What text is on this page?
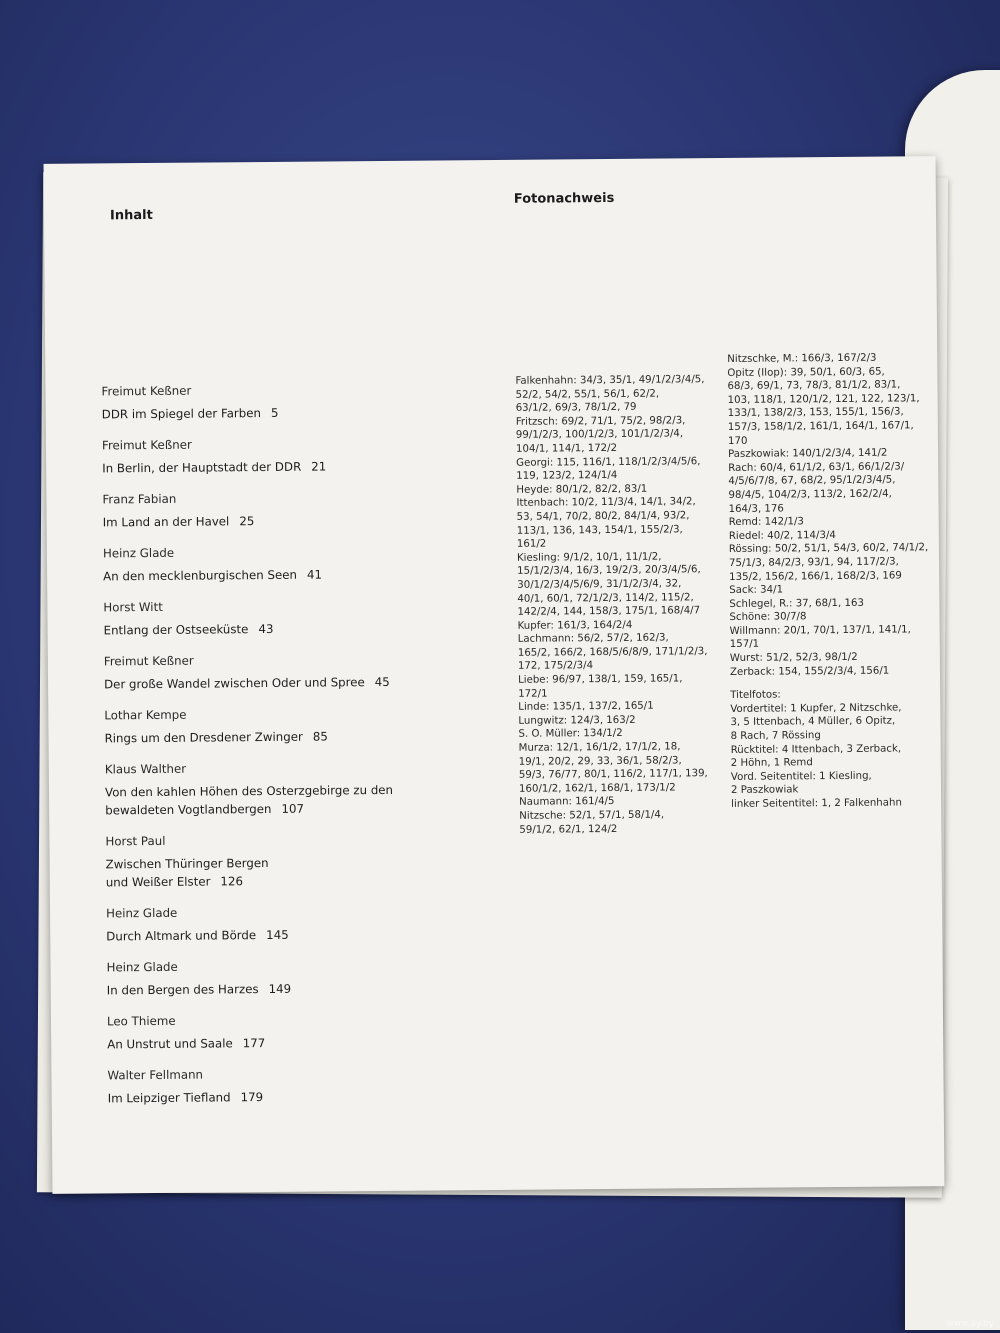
Inhalt
Fotonachweis
Freimut Keßner
DDR im Spiegel der Farben 5
Freimut Keßner
In Berlin, der Hauptstadt der DDR 21
Franz Fabian
Im Land an der Havel 25
Heinz Glade
An den mecklenburgischen Seen 41
Horst Witt
Entlang der Ostseeküste 43
Freimut Keßner
Der große Wandel zwischen Oder und Spree 45
Lothar Kempe
Rings um den Dresdener Zwinger 85
Klaus Walther
Von den kahlen Höhen des Osterzgebirge zu den
bewaldeten Vogtlandbergen 107
Horst Paul
Zwischen Thüringer Bergen
und Weißer Elster 126
Heinz Glade
Durch Altmark und Börde 145
Heinz Glade
In den Bergen des Harzes 149
Leo Thieme
An Unstrut und Saale 177
Walter Fellmann
Im Leipziger Tiefland 179
Falkenhahn: 34/3, 35/1, 49/1/2/3/4/5,
52/2, 54/2, 55/1, 56/1, 62/2,
63/1/2, 69/3, 78/1/2, 79
Fritzsch: 69/2, 71/1, 75/2, 98/2/3,
99/1/2/3, 100/1/2/3, 101/1/2/3/4,
104/1, 114/1, 172/2
Georgi: 115, 116/1, 118/1/2/3/4/5/6,
119, 123/2, 124/1/4
Heyde: 80/1/2, 82/2, 83/1
Ittenbach: 10/2, 11/3/4, 14/1, 34/2,
53, 54/1, 70/2, 80/2, 84/1/4, 93/2,
113/1, 136, 143, 154/1, 155/2/3,
161/2
Kiesling: 9/1/2, 10/1, 11/1/2,
15/1/2/3/4, 16/3, 19/2/3, 20/3/4/5/6,
30/1/2/3/4/5/6/9, 31/1/2/3/4, 32,
40/1, 60/1, 72/1/2/3, 114/2, 115/2,
142/2/4, 144, 158/3, 175/1, 168/4/7
Kupfer: 161/3, 164/2/4
Lachmann: 56/2, 57/2, 162/3,
165/2, 166/2, 168/5/6/8/9, 171/1/2/3,
172, 175/2/3/4
Liebe: 96/97, 138/1, 159, 165/1,
172/1
Linde: 135/1, 137/2, 165/1
Lungwitz: 124/3, 163/2
S. O. Müller: 134/1/2
Murza: 12/1, 16/1/2, 17/1/2, 18,
19/1, 20/2, 29, 33, 36/1, 58/2/3,
59/3, 76/77, 80/1, 116/2, 117/1, 139,
160/1/2, 162/1, 168/1, 173/1/2
Naumann: 161/4/5
Nitzsche: 52/1, 57/1, 58/1/4,
59/1/2, 62/1, 124/2
Nitzschke, M.: 166/3, 167/2/3
Opitz (Ilop): 39, 50/1, 60/3, 65,
68/3, 69/1, 73, 78/3, 81/1/2, 83/1,
103, 118/1, 120/1/2, 121, 122, 123/1,
133/1, 138/2/3, 153, 155/1, 156/3,
157/3, 158/1/2, 161/1, 164/1, 167/1,
170
Paszkowiak: 140/1/2/3/4, 141/2
Rach: 60/4, 61/1/2, 63/1, 66/1/2/3/
4/5/6/7/8, 67, 68/2, 95/1/2/3/4/5,
98/4/5, 104/2/3, 113/2, 162/2/4,
164/3, 176
Remd: 142/1/3
Riedel: 40/2, 114/3/4
Rössing: 50/2, 51/1, 54/3, 60/2, 74/1/2,
75/1/3, 84/2/3, 93/1, 94, 117/2/3,
135/2, 156/2, 166/1, 168/2/3, 169
Sack: 34/1
Schlegel, R.: 37, 68/1, 163
Schöne: 30/7/8
Willmann: 20/1, 70/1, 137/1, 141/1,
157/1
Wurst: 51/2, 52/3, 98/1/2
Zerback: 154, 155/2/3/4, 156/1
Titelfotos:
Vordertitel: 1 Kupfer, 2 Nitzschke,
3, 5 Ittenbach, 4 Müller, 6 Opitz,
8 Rach, 7 Rössing
Rücktitel: 4 Ittenbach, 3 Zerback,
2 Höhn, 1 Remd
Vord. Seitentitel: 1 Kiesling,
2 Paszkowiak
linker Seitentitel: 1, 2 Falkenhahn
www.ay.by
